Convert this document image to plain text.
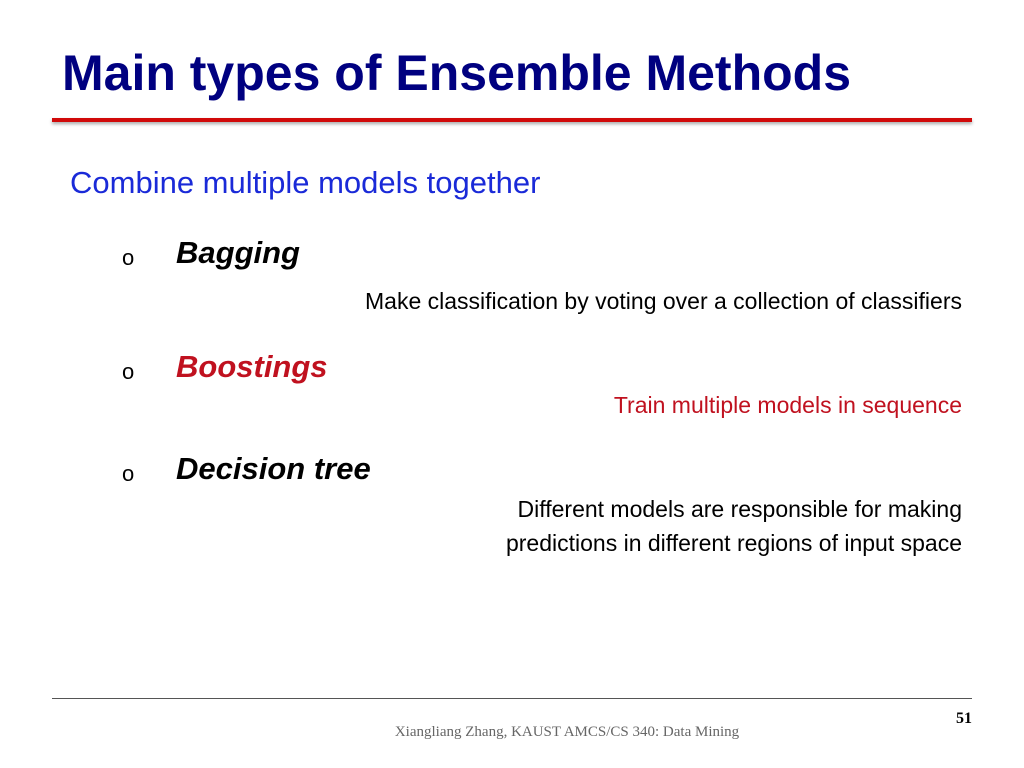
Main types of Ensemble Methods
Combine multiple models together
o Bagging
Make classification by voting over a collection of classifiers
o Boostings
Train multiple models in sequence
o Decision tree
Different models are responsible for making
predictions in different regions of input space
Xiangliang Zhang, KAUST AMCS/CS 340: Data Mining
51
